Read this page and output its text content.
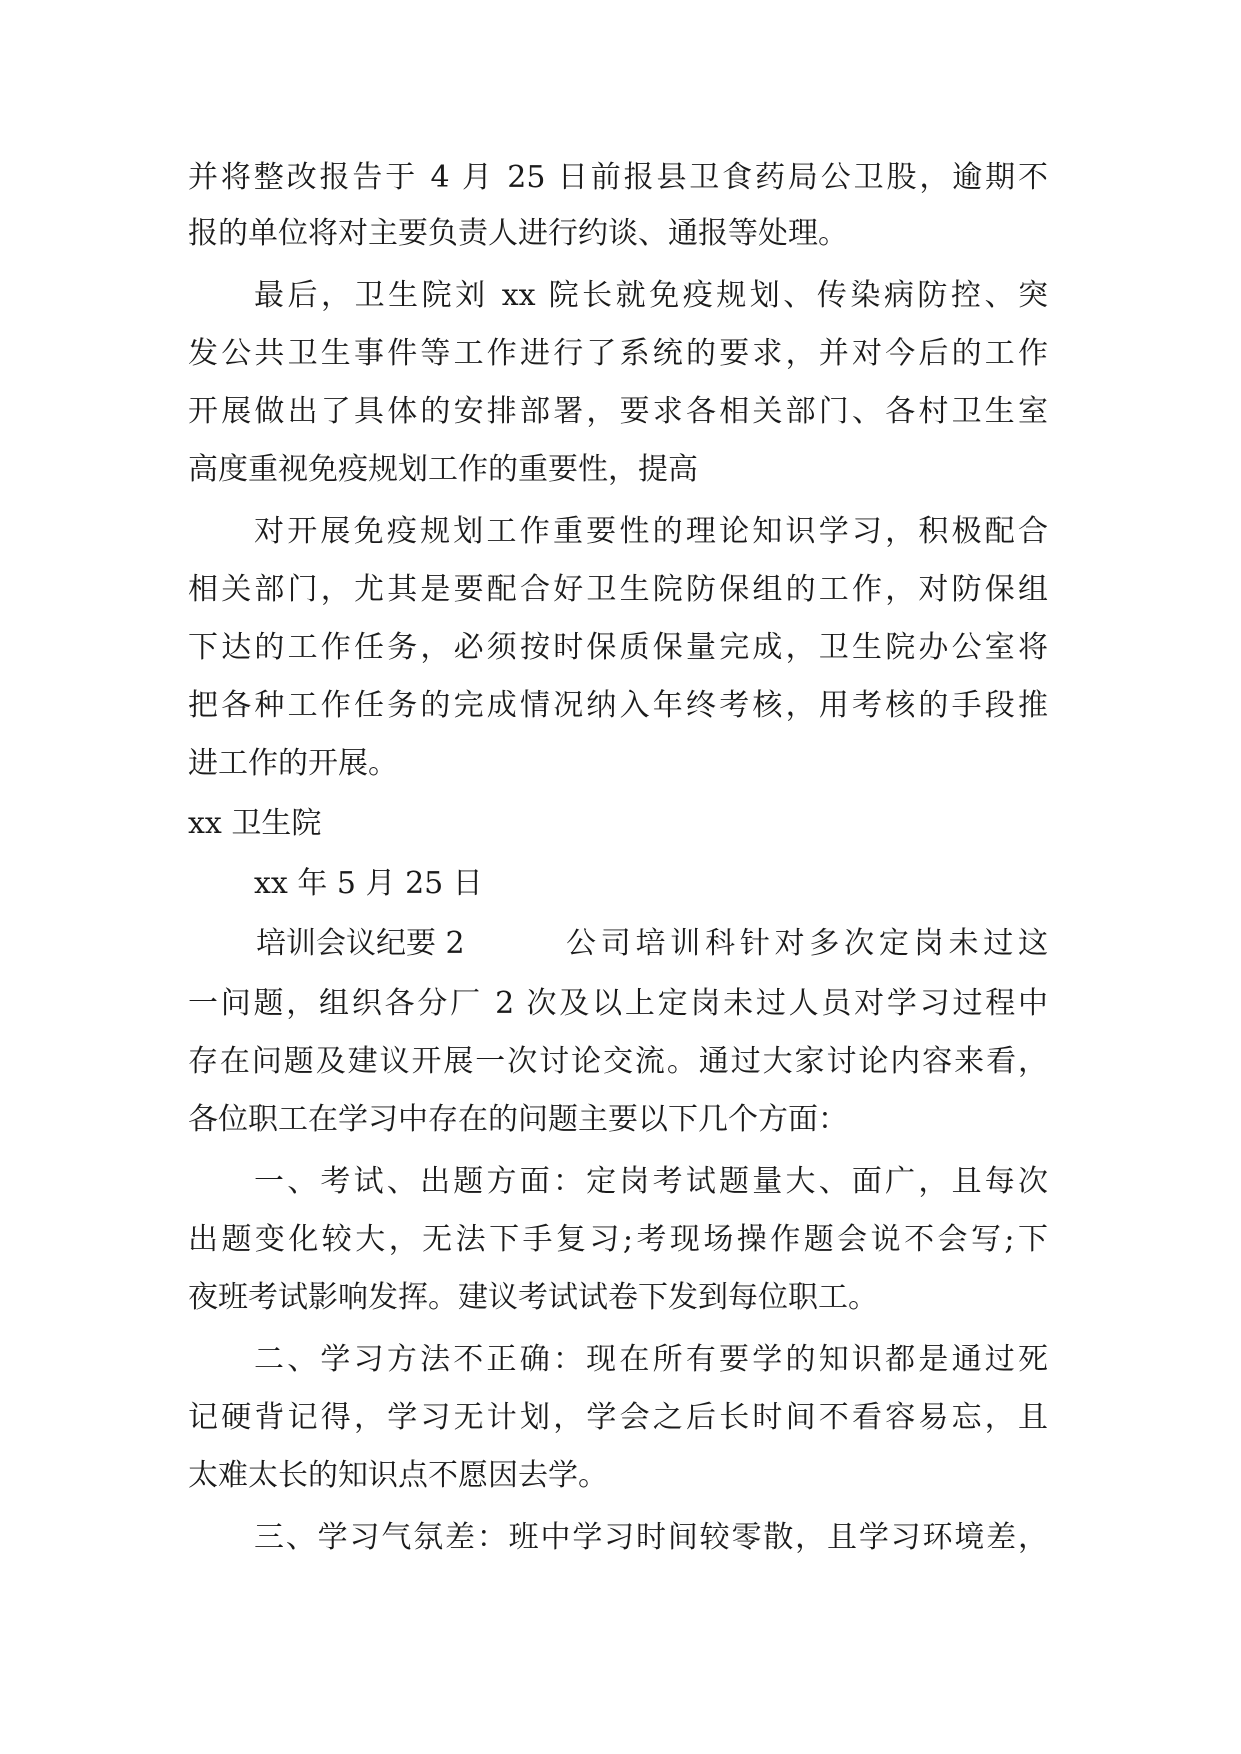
并将整改报告于 4 月 25 日前报县卫食药局公卫股，逾期不
报的单位将对主要负责人进行约谈、通报等处理。
最后，卫生院刘 xx 院长就免疫规划、传染病防控、突
发公共卫生事件等工作进行了系统的要求，并对今后的工作
开展做出了具体的安排部署，要求各相关部门、各村卫生室
高度重视免疫规划工作的重要性，提高
对开展免疫规划工作重要性的理论知识学习，积极配合
相关部门，尤其是要配合好卫生院防保组的工作，对防保组
下达的工作任务，必须按时保质保量完成，卫生院办公室将
把各种工作任务的完成情况纳入年终考核，用考核的手段推
进工作的开展。
xx 卫生院
xx 年 5 月 25 日
培训会议纪要 2	公司培训科针对多次定岗未过这
一问题，组织各分厂 2 次及以上定岗未过人员对学习过程中
存在问题及建议开展一次讨论交流。通过大家讨论内容来看，
各位职工在学习中存在的问题主要以下几个方面：
一、考试、出题方面：定岗考试题量大、面广，且每次
出题变化较大，无法下手复习;考现场操作题会说不会写;下
夜班考试影响发挥。建议考试试卷下发到每位职工。
二、学习方法不正确：现在所有要学的知识都是通过死
记硬背记得，学习无计划，学会之后长时间不看容易忘，且
太难太长的知识点不愿因去学。
三、学习气氛差：班中学习时间较零散，且学习环境差，
